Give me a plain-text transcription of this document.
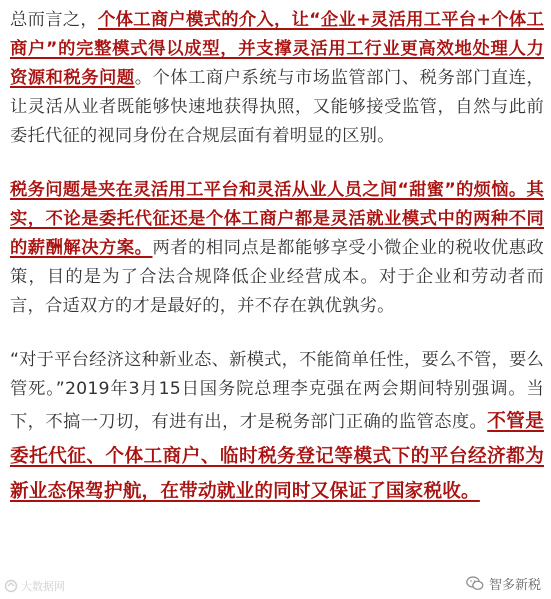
总而言之，个体工商户模式的介入，让“企业+灵活用工平台+个体工商户”的完整模式得以成型，并支撑灵活用工行业更高效地处理人力资源和税务问题。个体工商户系统与市场监管部门、税务部门直连，让灵活从业者既能够快速地获得执照，又能够接受监管，自然与此前委托代征的视同身份在合规层面有着明显的区别。

税务问题是夹在灵活用工平台和灵活从业人员之间“甜蜜”的烦恼。其实，不论是委托代征还是个体工商户都是灵活就业模式中的两种不同的薪酬解决方案。两者的相同点是都能够享受小微企业的税收优惠政策，目的是为了合法合规降低企业经营成本。对于企业和劳动者而言，合适双方的才是最好的，并不存在孰优孰劣。

“对于平台经济这种新业态、新模式，不能简单任性，要么不管，要么管死。”2019年3月15日国务院总理李克强在两会期间特别强调。当下，不搞一刀切，有进有出，才是税务部门正确的监管态度。不管是委托代征、个体工商户、临时税务登记等模式下的平台经济都为新业态保驾护航，在带动就业的同时又保证了国家税收。

大数据网	智多新税
